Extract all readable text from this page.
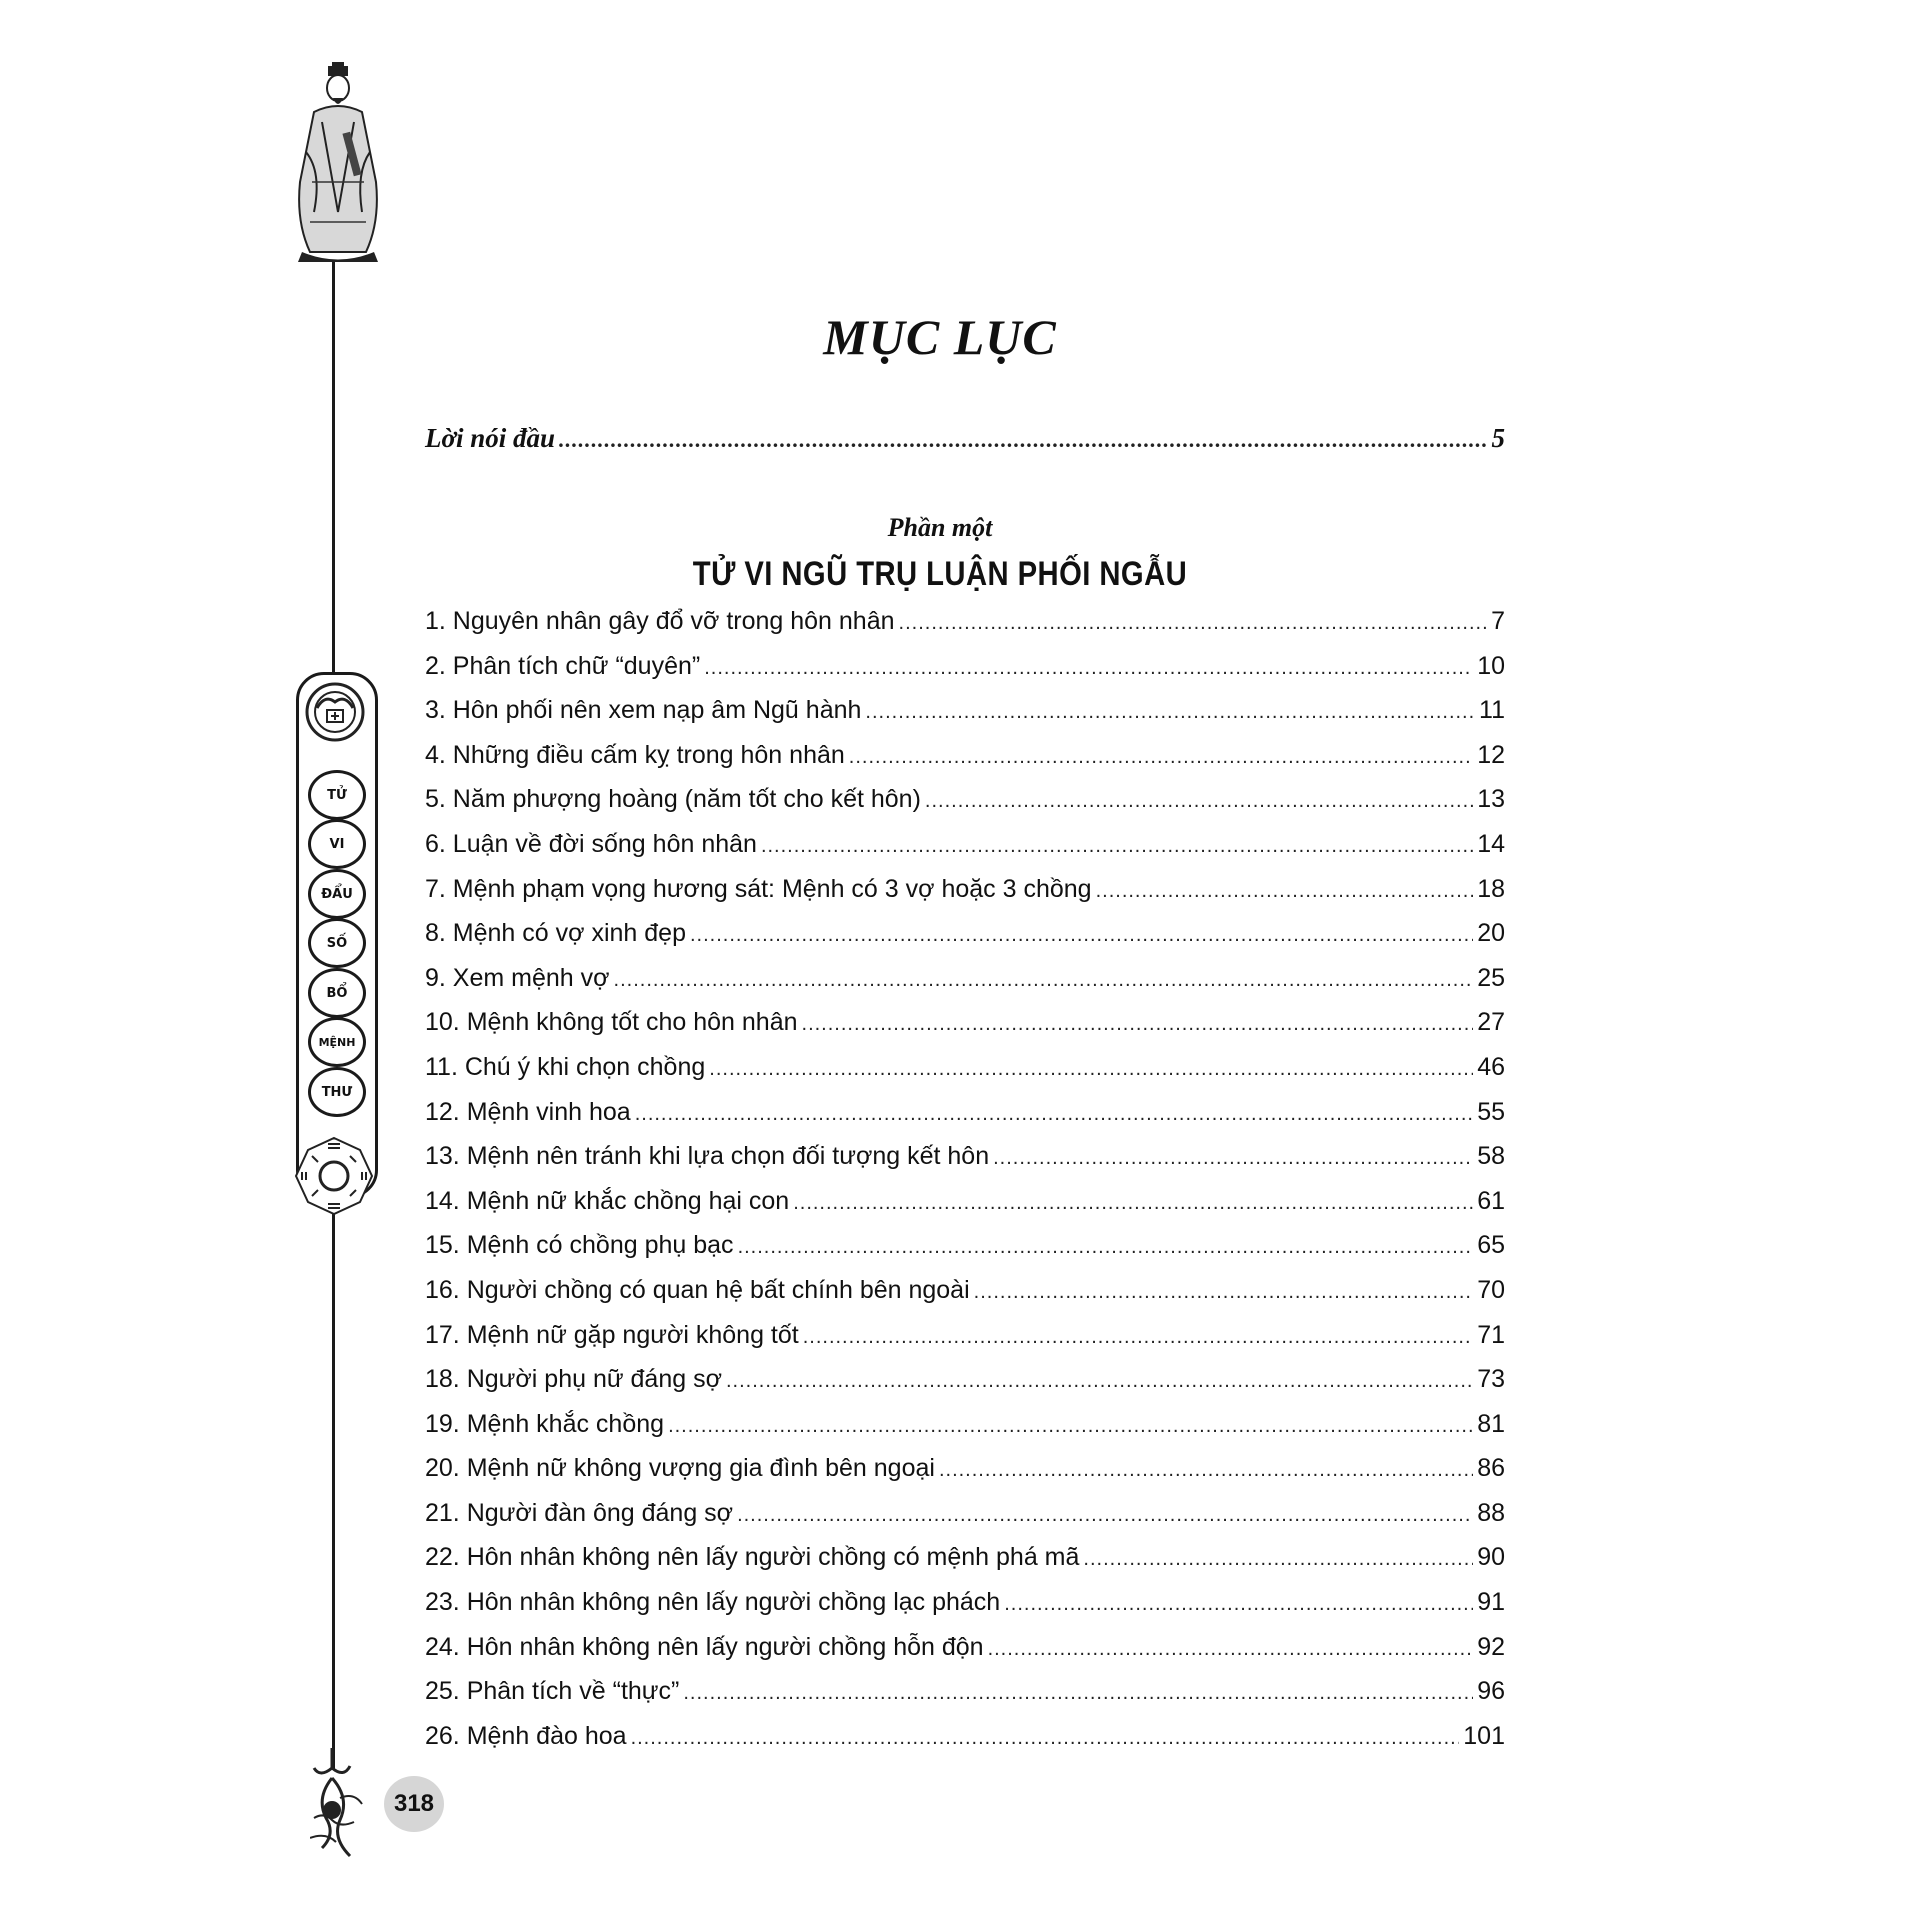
TỬ
VI
ĐẨU
SỐ
BỔ
MỆNH
THƯ
318
MỤC LỤC
Lời nói đầu .....	5
Phần một
TỬ VI NGŨ TRỤ LUẬN PHỐI NGẪU
1. Nguyên nhân gây đổ vỡ trong hôn nhân .....	7
2. Phân tích chữ “duyên” .....	10
3. Hôn phối nên xem nạp âm Ngũ hành .....	11
4. Những điều cấm kỵ trong hôn nhân .....	12
5. Năm phượng hoàng (năm tốt cho kết hôn) .....	13
6. Luận về đời sống hôn nhân .....	14
7. Mệnh phạm vọng hương sát: Mệnh có 3 vợ hoặc 3 chồng .....	18
8. Mệnh có vợ xinh đẹp .....	20
9. Xem mệnh vợ .....	25
10. Mệnh không tốt cho hôn nhân .....	27
11. Chú ý khi chọn chồng .....	46
12. Mệnh vinh hoa .....	55
13. Mệnh nên tránh khi lựa chọn đối tượng kết hôn .....	58
14. Mệnh nữ khắc chồng hại con .....	61
15. Mệnh có chồng phụ bạc .....	65
16. Người chồng có quan hệ bất chính bên ngoài .....	70
17. Mệnh nữ gặp người không tốt .....	71
18. Người phụ nữ đáng sợ .....	73
19. Mệnh khắc chồng .....	81
20. Mệnh nữ không vượng gia đình bên ngoại .....	86
21. Người đàn ông đáng sợ .....	88
22. Hôn nhân không nên lấy người chồng có mệnh phá mã .....	90
23. Hôn nhân không nên lấy người chồng lạc phách .....	91
24. Hôn nhân không nên lấy người chồng hỗn độn .....	92
25. Phân tích về “thực” .....	96
26. Mệnh đào hoa .....	101
